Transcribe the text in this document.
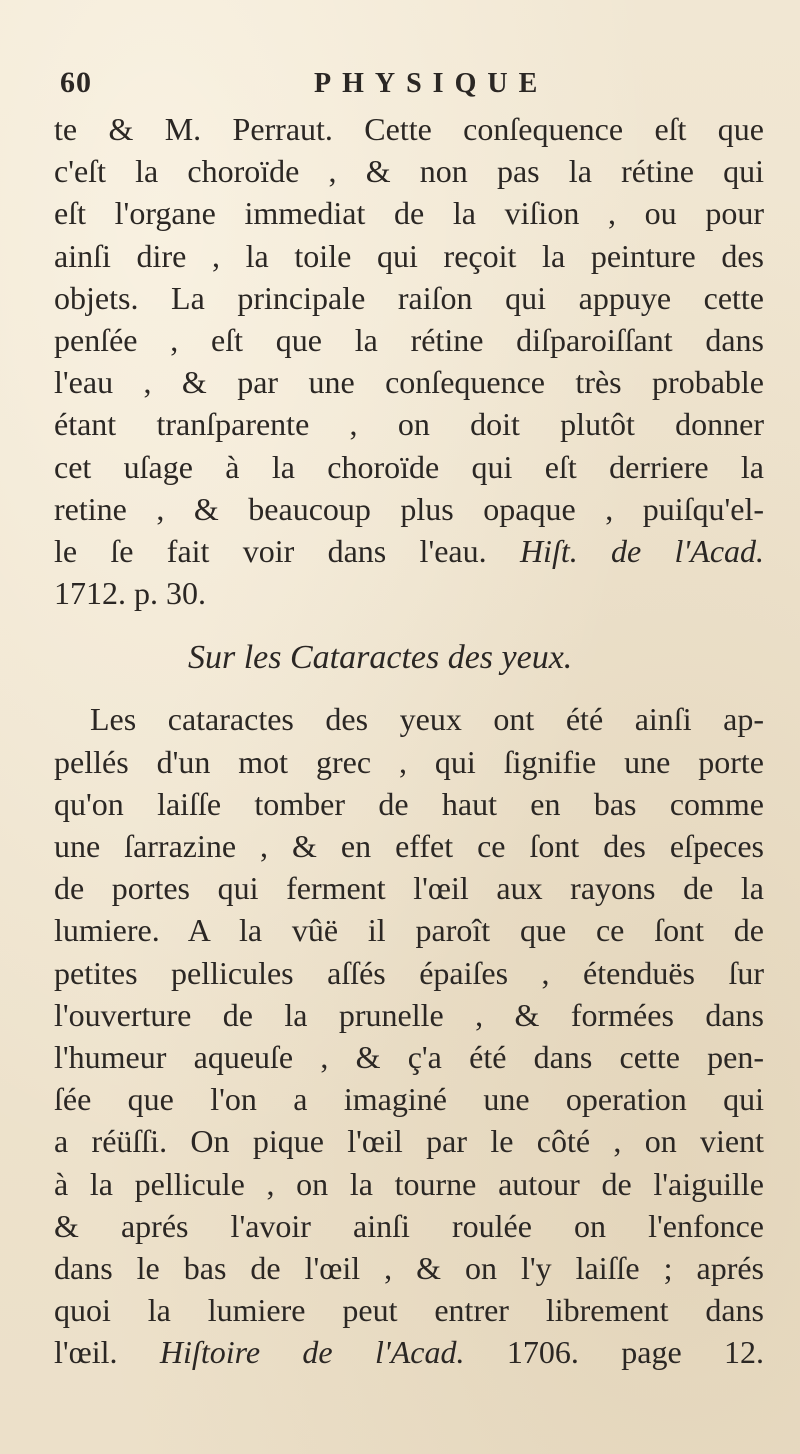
60	PHYSIQUE
te & M. Perraut. Cette conſequence eſt que
c'eſt la choroïde , & non pas la rétine qui
eſt l'organe immediat de la viſion , ou pour
ainſi dire , la toile qui reçoit la peinture des
objets. La principale raiſon qui appuye cette
penſée , eſt que la rétine diſparoiſſant dans
l'eau , & par une conſequence très probable
étant tranſparente , on doit plutôt donner
cet uſage à la choroïde qui eſt derriere la
retine , & beaucoup plus opaque , puiſqu'el-
le ſe fait voir dans l'eau. Hiſt. de l'Acad.
1712. p. 30.
Sur les Cataractes des yeux.
Les cataractes des yeux ont été ainſi ap-
pellés d'un mot grec , qui ſignifie une porte
qu'on laiſſe tomber de haut en bas comme
une ſarrazine , & en effet ce ſont des eſpeces
de portes qui ferment l'œil aux rayons de la
lumiere. A la vûë il paroît que ce ſont de
petites pellicules aſſés épaiſes , étenduës ſur
l'ouverture de la prunelle , & formées dans
l'humeur aqueuſe , & ç'a été dans cette pen-
ſée que l'on a imaginé une operation qui
a réüſſi. On pique l'œil par le côté , on vient
à la pellicule , on la tourne autour de l'aiguille
& aprés l'avoir ainſi roulée on l'enfonce
dans le bas de l'œil , & on l'y laiſſe ; aprés
quoi la lumiere peut entrer librement dans
l'œil. Hiſtoire de l'Acad. 1706. page 12.
